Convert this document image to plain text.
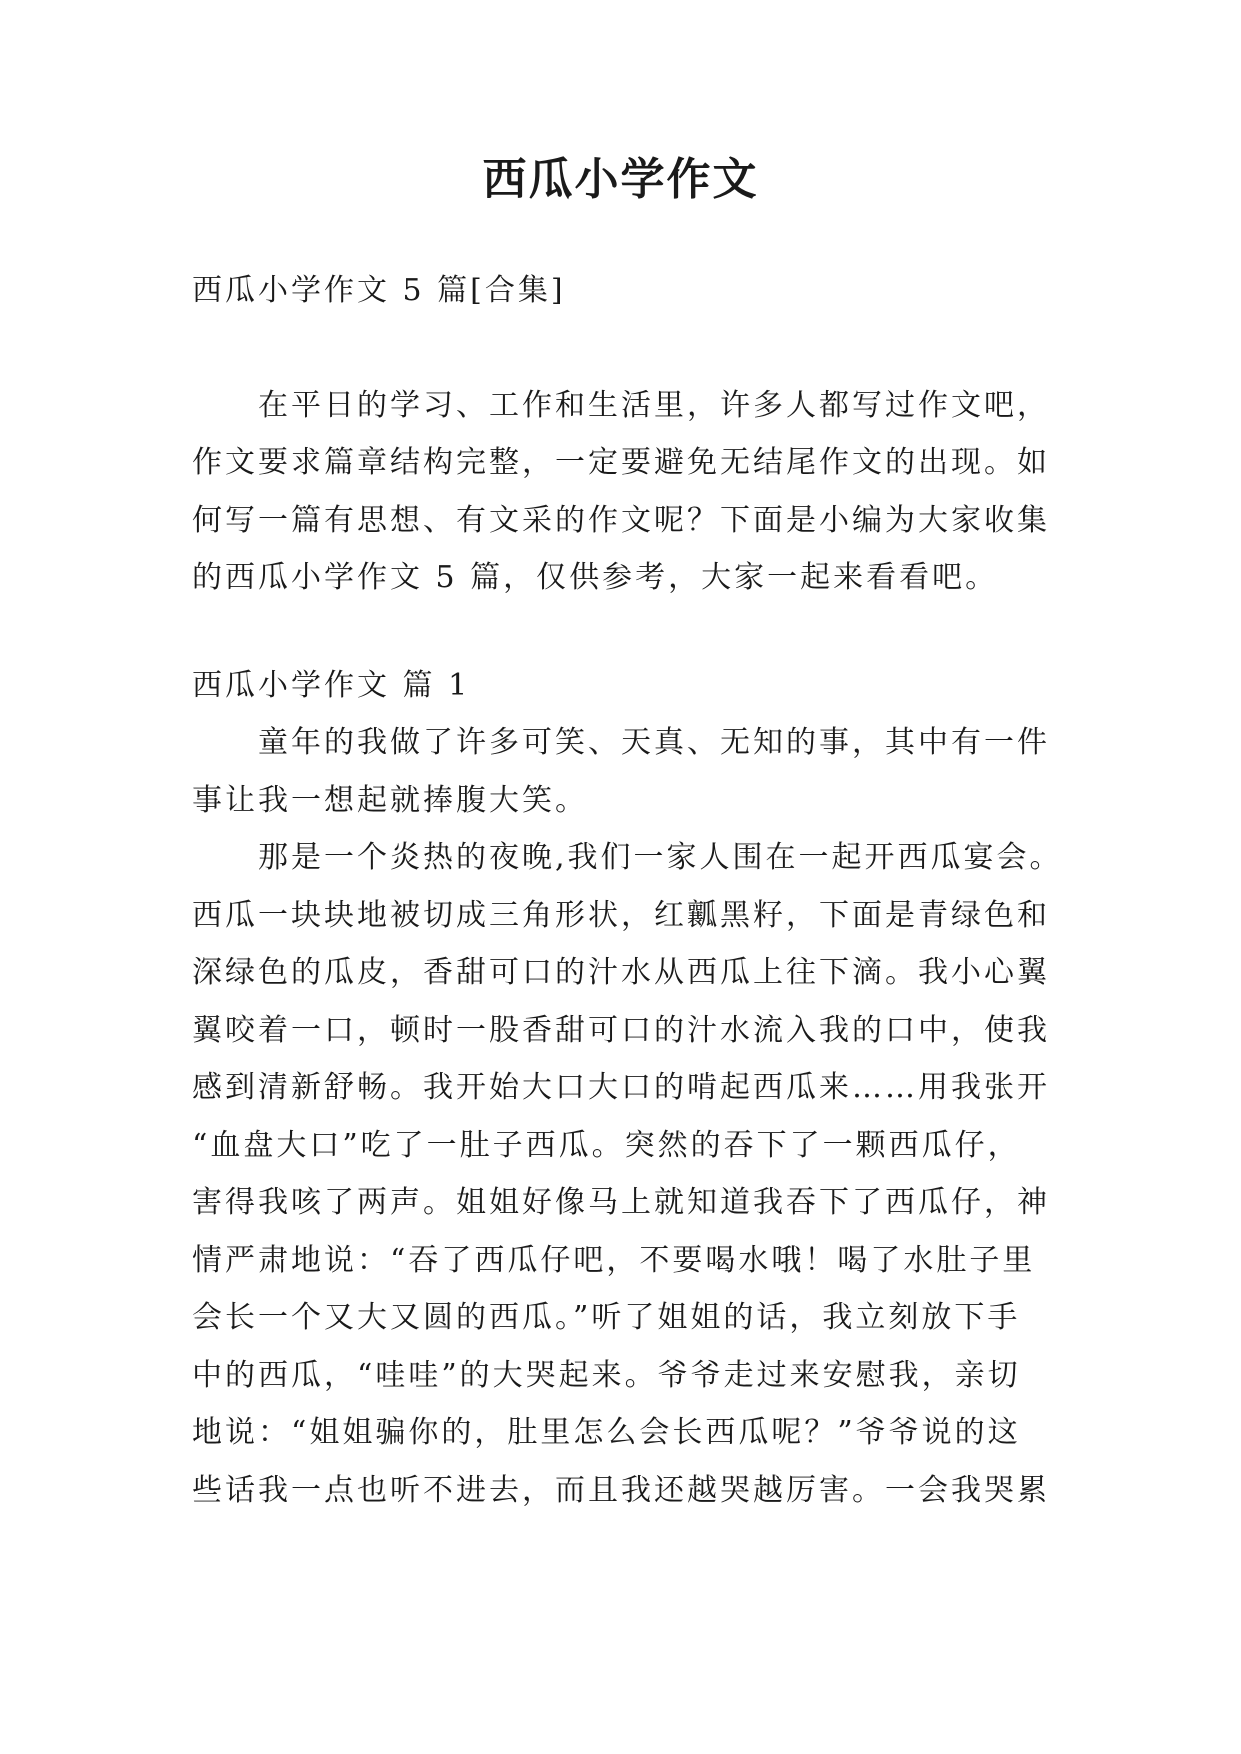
西瓜小学作文
西瓜小学作文 5 篇[合集]
在平日的学习、工作和生活里，许多人都写过作文吧，
作文要求篇章结构完整，一定要避免无结尾作文的出现。如
何写一篇有思想、有文采的作文呢？下面是小编为大家收集
的西瓜小学作文 5 篇，仅供参考，大家一起来看看吧。
西瓜小学作文 篇 1
童年的我做了许多可笑、天真、无知的事，其中有一件
事让我一想起就捧腹大笑。
那是一个炎热的夜晚,我们一家人围在一起开西瓜宴会。
西瓜一块块地被切成三角形状，红瓤黑籽，下面是青绿色和
深绿色的瓜皮，香甜可口的汁水从西瓜上往下滴。我小心翼
翼咬着一口，顿时一股香甜可口的汁水流入我的口中，使我
感到清新舒畅。我开始大口大口的啃起西瓜来……用我张开
“血盘大口”吃了一肚子西瓜。突然的吞下了一颗西瓜仔，
害得我咳了两声。姐姐好像马上就知道我吞下了西瓜仔，神
情严肃地说：“吞了西瓜仔吧，不要喝水哦！喝了水肚子里
会长一个又大又圆的西瓜。”听了姐姐的话，我立刻放下手
中的西瓜，“哇哇”的大哭起来。爷爷走过来安慰我，亲切
地说：“姐姐骗你的，肚里怎么会长西瓜呢？”爷爷说的这
些话我一点也听不进去，而且我还越哭越厉害。一会我哭累
